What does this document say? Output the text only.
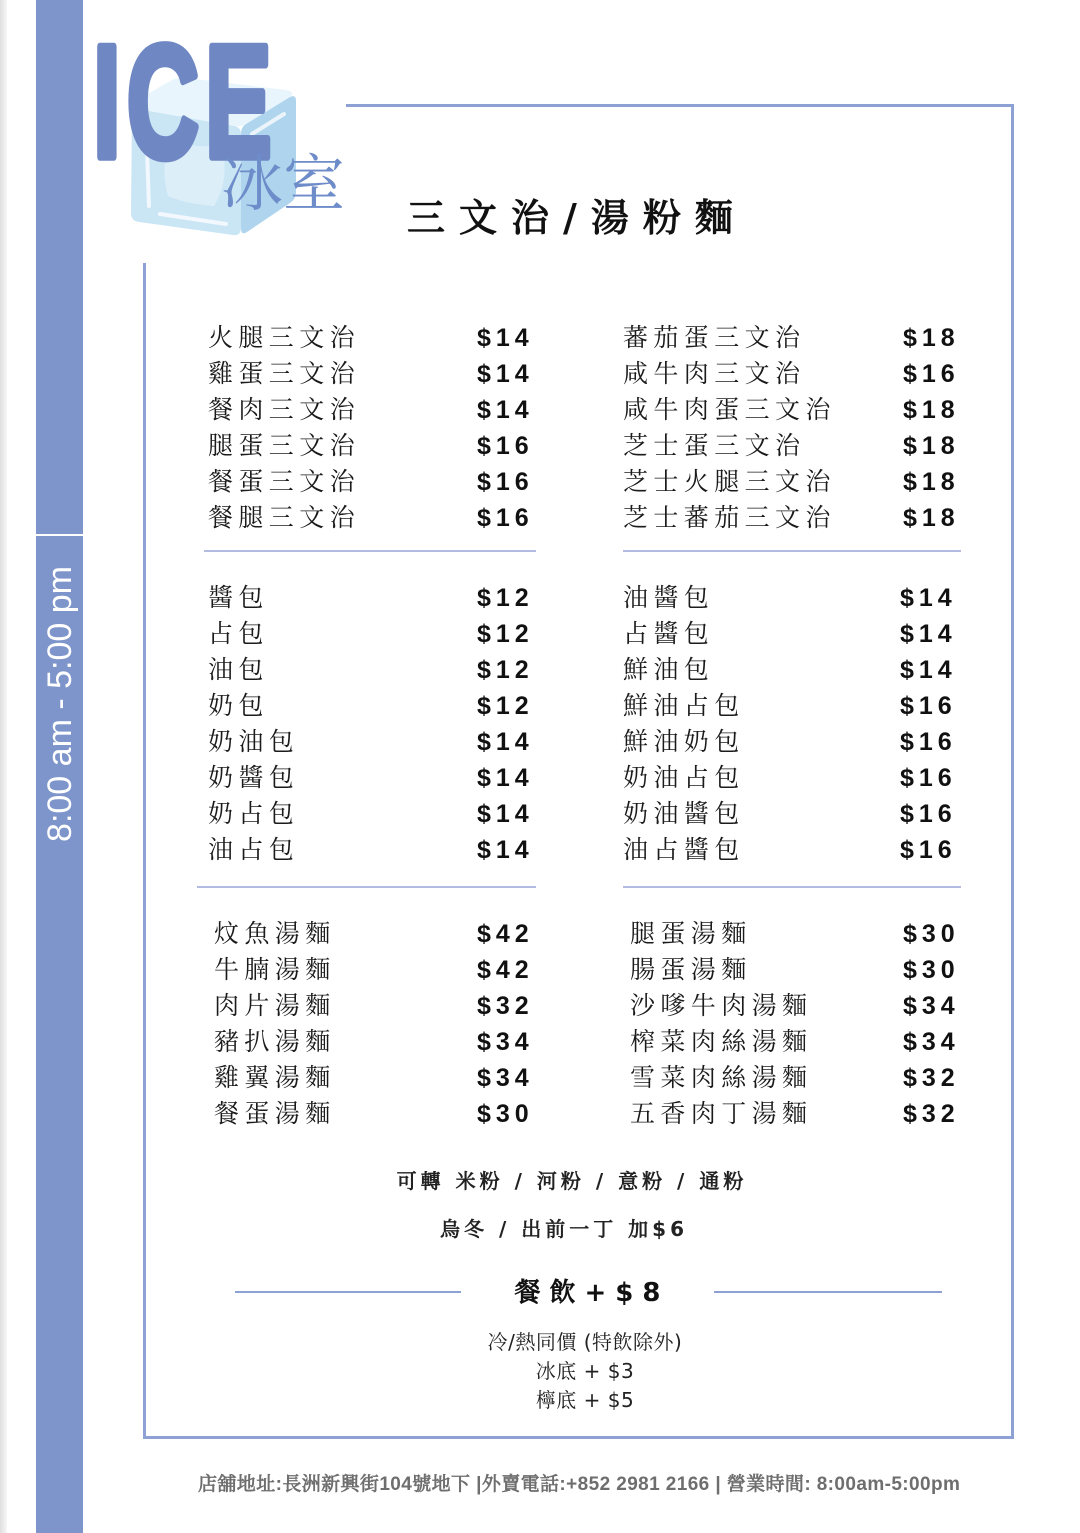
8:00 am - 5:00 pm
ICE
冰室 三文治/湯粉麵
火腿三文治	$14
雞蛋三文治	$14
餐肉三文治	$14
腿蛋三文治	$16
餐蛋三文治	$16
餐腿三文治	$16
蕃茄蛋三文治	$18
咸牛肉三文治	$16
咸牛肉蛋三文治	$18
芝士蛋三文治	$18
芝士火腿三文治	$18
芝士蕃茄三文治	$18
醬包	$12
占包	$12
油包	$12
奶包	$12
奶油包	$14
奶醬包	$14
奶占包	$14
油占包	$14
油醬包	$14
占醬包	$14
鮮油包	$14
鮮油占包	$16
鮮油奶包	$16
奶油占包	$16
奶油醬包	$16
油占醬包	$16
炆魚湯麵	$42
牛腩湯麵	$42
肉片湯麵	$32
豬扒湯麵	$34
雞翼湯麵	$34
餐蛋湯麵	$30
腿蛋湯麵	$30
腸蛋湯麵	$30
沙嗲牛肉湯麵	$34
榨菜肉絲湯麵	$34
雪菜肉絲湯麵	$32
五香肉丁湯麵	$32
可轉 米粉 / 河粉 / 意粉 / 通粉
烏冬 / 出前一丁 加$6
餐飲+$8
冷/熱同價 (特飲除外)
冰底 + $3
檸底 + $5
店舖地址:長洲新興街104號地下 |外賣電話:+852 2981 2166 | 營業時間: 8:00am-5:00pm
